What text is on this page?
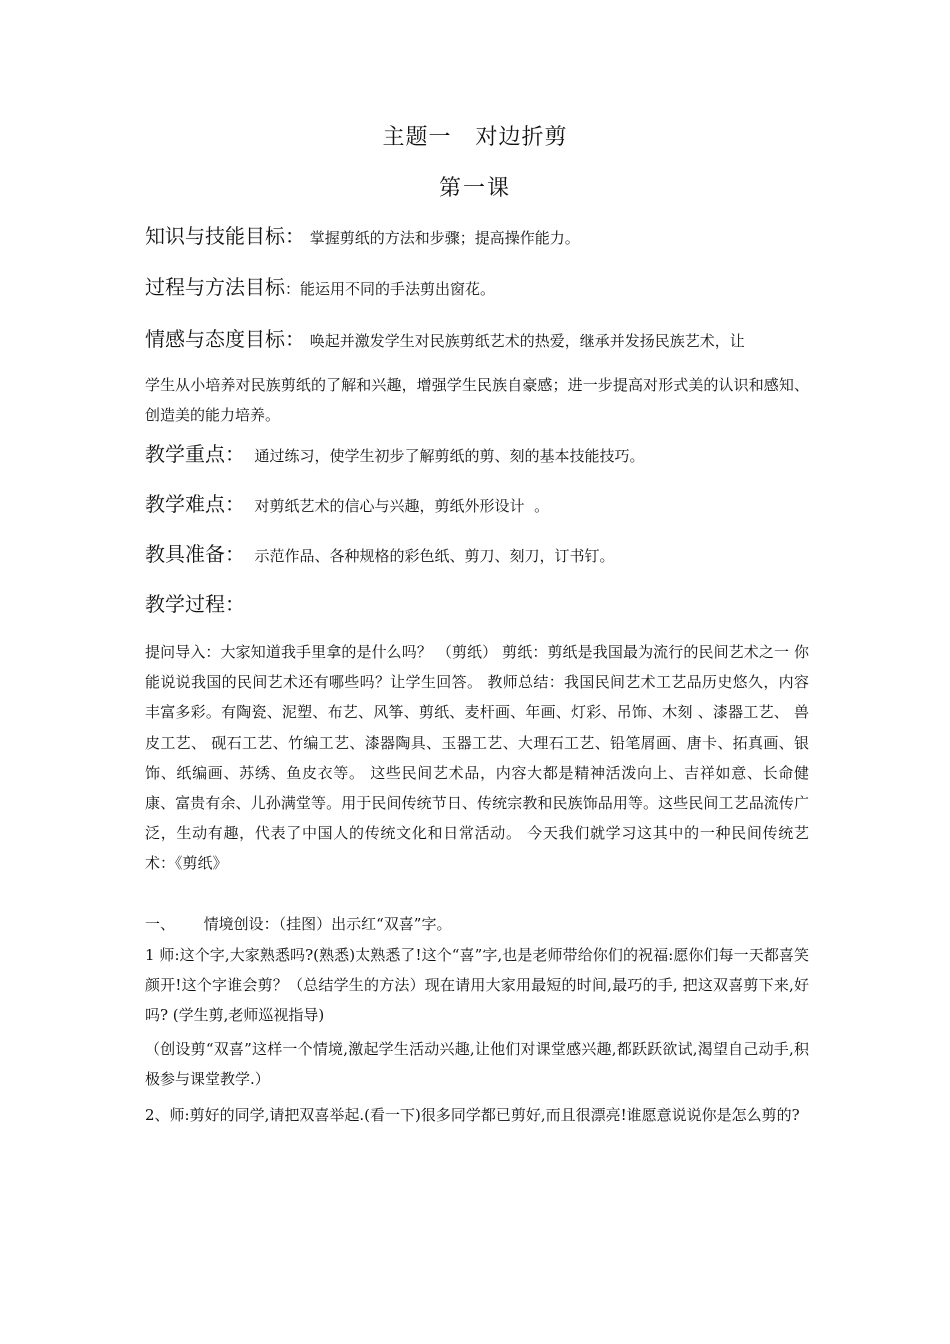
主题一   对边折剪
第一课
知识与技能目标： 掌握剪纸的方法和步骤；提高操作能力。
过程与方法目标：能运用不同的手法剪出窗花。
情感与态度目标： 唤起并激发学生对民族剪纸艺术的热爱，继承并发扬民族艺术，让
学生从小培养对民族剪纸的了解和兴趣，增强学生民族自豪感；进一步提高对形式美的认识和感知、创造美的能力培养。
教学重点：  通过练习，使学生初步了解剪纸的剪、刻的基本技能技巧。
教学难点：  对剪纸艺术的信心与兴趣，剪纸外形设计  。
教具准备：  示范作品、各种规格的彩色纸、剪刀、刻刀，订书钉。
教学过程：
提问导入：大家知道我手里拿的是什么吗？ （剪纸） 剪纸：剪纸是我国最为流行的民间艺术之一 你能说说我国的民间艺术还有哪些吗？让学生回答。 教师总结：我国民间艺术工艺品历史悠久，内容丰富多彩。有陶瓷、泥塑、布艺、风筝、剪纸、麦杆画、年画、灯彩、吊饰、木刻 、漆器工艺、 兽皮工艺、 砚石工艺、竹编工艺、漆器陶具、玉器工艺、大理石工艺、铅笔屑画、唐卡、拓真画、银饰、纸编画、苏绣、鱼皮衣等。 这些民间艺术品，内容大都是精神活泼向上、吉祥如意、长命健康、富贵有余、儿孙满堂等。用于民间传统节日、传统宗教和民族饰品用等。这些民间工艺品流传广泛，生动有趣，代表了中国人的传统文化和日常活动。 今天我们就学习这其中的一种民间传统艺术：《剪纸》
一、      情境创设：（挂图）出示红“双喜”字。
1 师:这个字,大家熟悉吗?(熟悉)太熟悉了!这个“喜”字,也是老师带给你们的祝福:愿你们每一天都喜笑颜开!这个字谁会剪？（总结学生的方法）现在请用大家用最短的时间,最巧的手, 把这双喜剪下来,好吗? (学生剪,老师巡视指导)
（创设剪“双喜”这样一个情境,激起学生活动兴趣,让他们对课堂感兴趣,都跃跃欲试,渴望自己动手,积极参与课堂教学.）
2、师:剪好的同学,请把双喜举起.(看一下)很多同学都已剪好,而且很漂亮!谁愿意说说你是怎么剪的?
